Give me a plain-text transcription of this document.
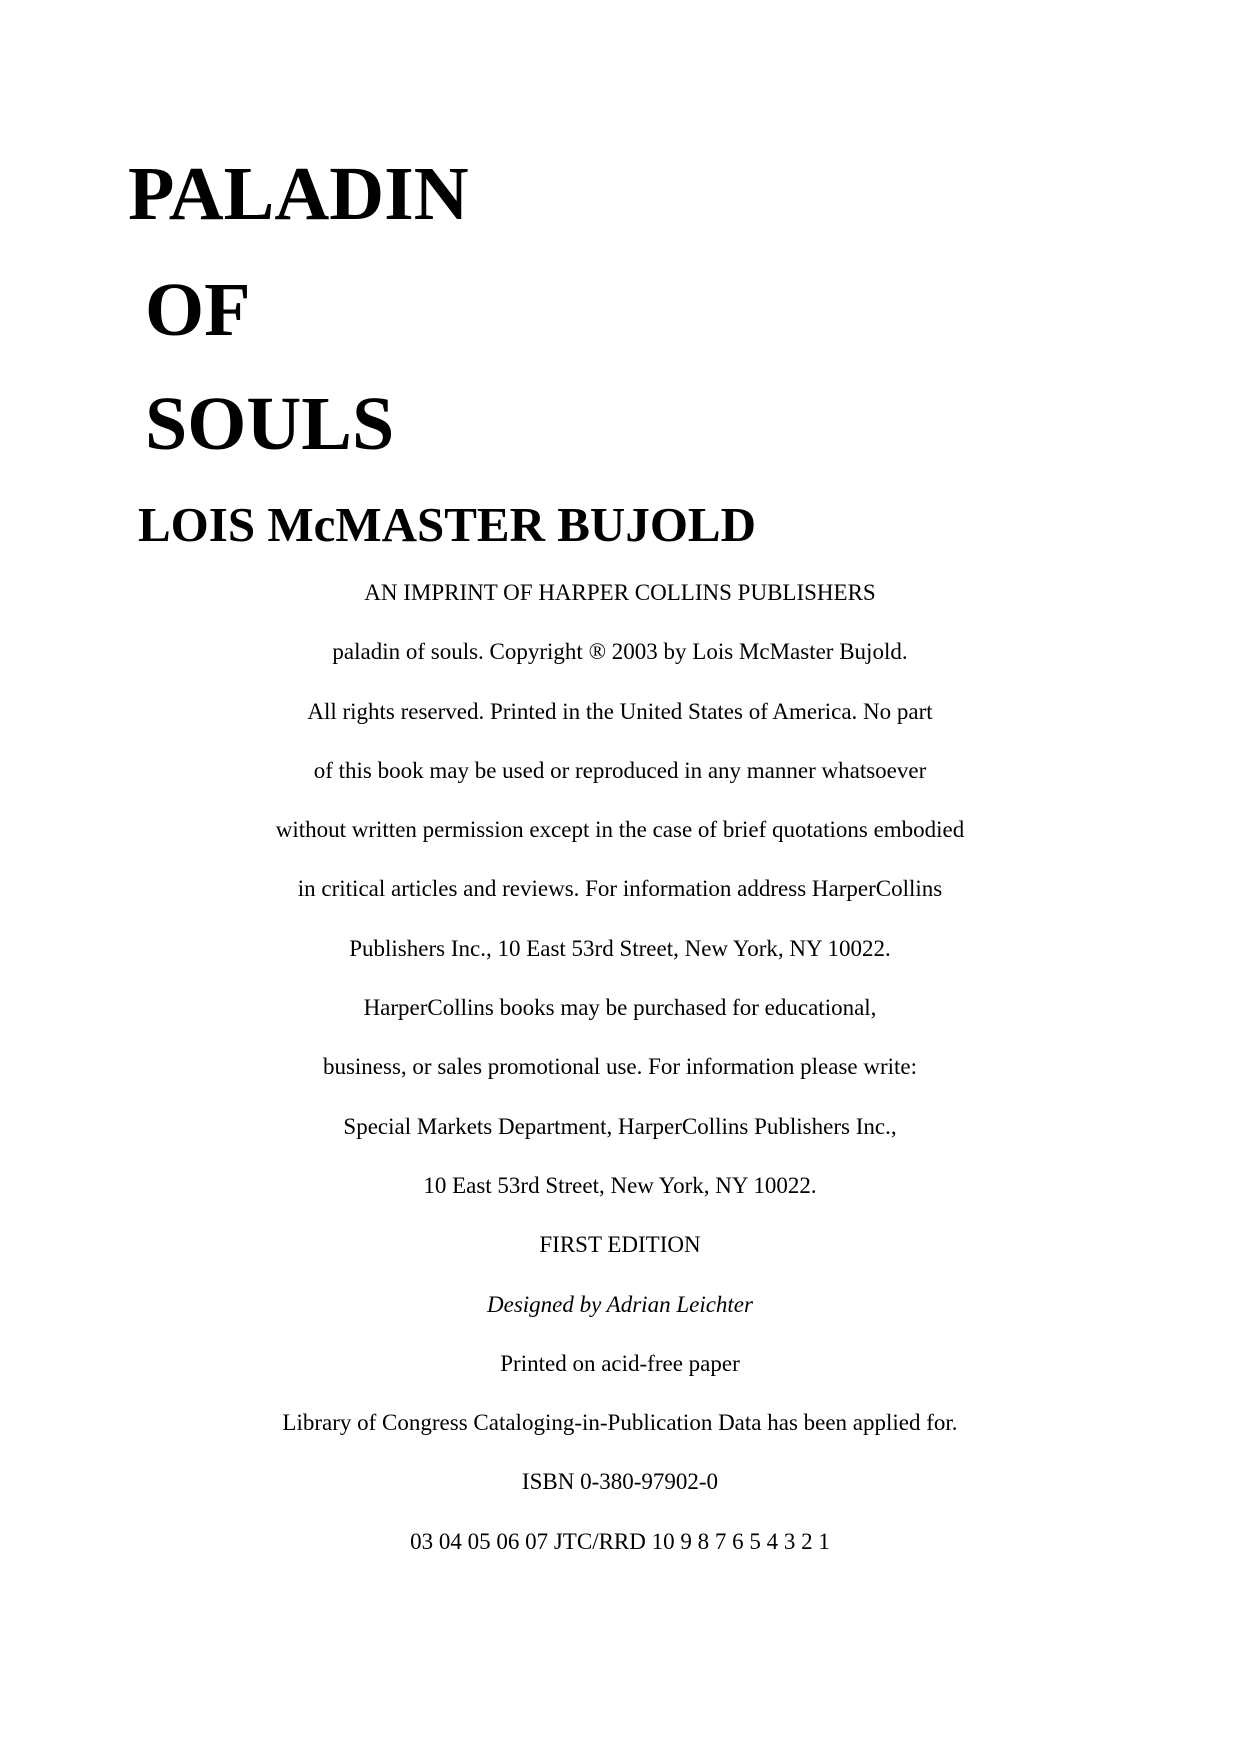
PALADIN
OF
SOULS
LOIS McMASTER BUJOLD
AN IMPRINT OF HARPER COLLINS PUBLISHERS
paladin of souls. Copyright ® 2003 by Lois McMaster Bujold.
All rights reserved. Printed in the United States of America. No part
of this book may be used or reproduced in any manner whatsoever
without written permission except in the case of brief quotations embodied
in critical articles and reviews. For information address HarperCollins
Publishers Inc., 10 East 53rd Street, New York, NY 10022.
HarperCollins books may be purchased for educational,
business, or sales promotional use. For information please write:
Special Markets Department, HarperCollins Publishers Inc.,
10 East 53rd Street, New York, NY 10022.
FIRST EDITION
Designed by Adrian Leichter
Printed on acid-free paper
Library of Congress Cataloging-in-Publication Data has been applied for.
ISBN 0-380-97902-0
03 04 05 06 07 JTC/RRD 10 9 8 7 6 5 4 3 2 1
